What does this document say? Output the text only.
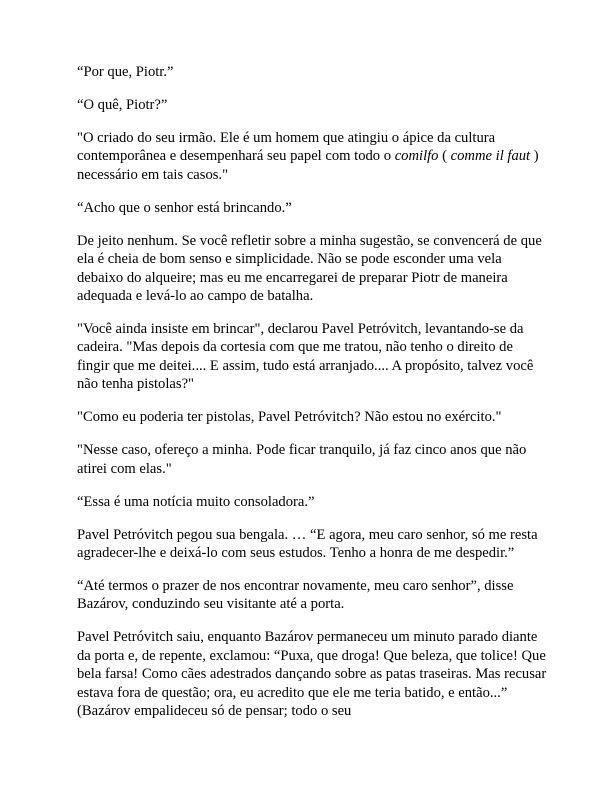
“Por que, Piotr.”

“O quê, Piotr?”

"O criado do seu irmão. Ele é um homem que atingiu o ápice da cultura contemporânea e desempenhará seu papel com todo o comilfo ( comme il faut ) necessário em tais casos."

“Acho que o senhor está brincando.”

De jeito nenhum. Se você refletir sobre a minha sugestão, se convencerá de que ela é cheia de bom senso e simplicidade. Não se pode esconder uma vela debaixo do alqueire; mas eu me encarregarei de preparar Piotr de maneira adequada e levá-lo ao campo de batalha.

"Você ainda insiste em brincar", declarou Pavel Petróvitch, levantando-se da cadeira. "Mas depois da cortesia com que me tratou, não tenho o direito de fingir que me deitei.... E assim, tudo está arranjado.... A propósito, talvez você não tenha pistolas?"

"Como eu poderia ter pistolas, Pavel Petróvitch? Não estou no exército."

"Nesse caso, ofereço a minha. Pode ficar tranquilo, já faz cinco anos que não atirei com elas."

“Essa é uma notícia muito consoladora.”

Pavel Petróvitch pegou sua bengala. … “E agora, meu caro senhor, só me resta agradecer-lhe e deixá-lo com seus estudos. Tenho a honra de me despedir.”

“Até termos o prazer de nos encontrar novamente, meu caro senhor”, disse Bazárov, conduzindo seu visitante até a porta.

Pavel Petróvitch saiu, enquanto Bazárov permaneceu um minuto parado diante da porta e, de repente, exclamou: “Puxa, que droga! Que beleza, que tolice! Que bela farsa! Como cães adestrados dançando sobre as patas traseiras. Mas recusar estava fora de questão; ora, eu acredito que ele me teria batido, e então...” (Bazárov empalideceu só de pensar; todo o seu
